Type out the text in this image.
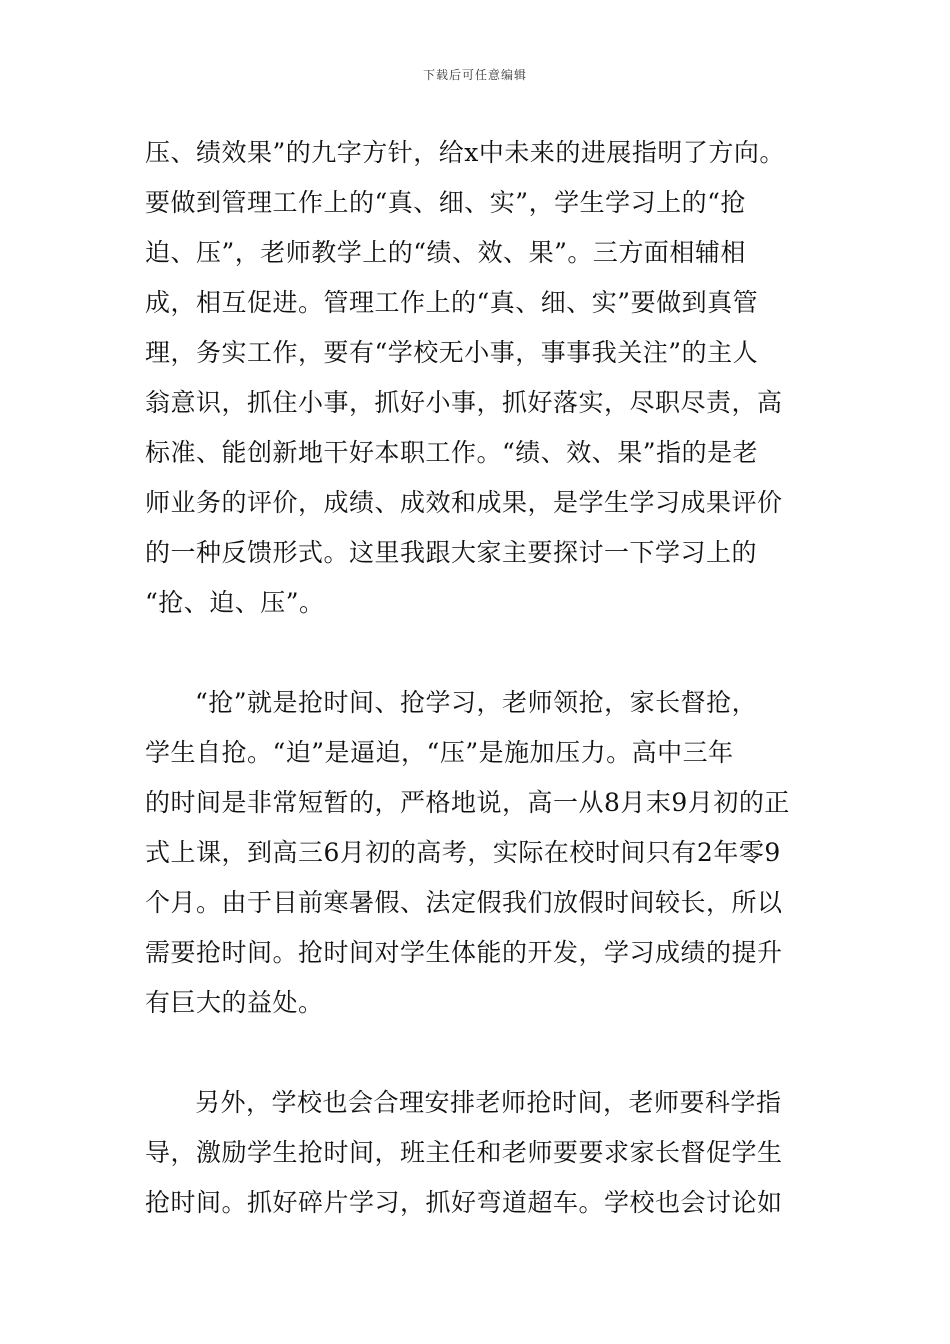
下载后可任意编辑
压、绩效果”的九字方针，给x中未来的进展指明了方向。
要做到管理工作上的“真、细、实”，学生学习上的“抢
迫、压”，老师教学上的“绩、效、果”。三方面相辅相
成，相互促进。管理工作上的“真、细、实”要做到真管
理，务实工作，要有“学校无小事，事事我关注”的主人
翁意识，抓住小事，抓好小事，抓好落实，尽职尽责，高
标准、能创新地干好本职工作。“绩、效、果”指的是老
师业务的评价，成绩、成效和成果，是学生学习成果评价
的一种反馈形式。这里我跟大家主要探讨一下学习上的
“抢、迫、压”。
“抢”就是抢时间、抢学习，老师领抢，家长督抢，
学生自抢。“迫”是逼迫，“压”是施加压力。高中三年
的时间是非常短暂的，严格地说，高一从8月末9月初的正
式上课，到高三6月初的高考，实际在校时间只有2年零9
个月。由于目前寒暑假、法定假我们放假时间较长，所以
需要抢时间。抢时间对学生体能的开发，学习成绩的提升
有巨大的益处。
另外，学校也会合理安排老师抢时间，老师要科学指
导，激励学生抢时间，班主任和老师要要求家长督促学生
抢时间。抓好碎片学习，抓好弯道超车。学校也会讨论如
